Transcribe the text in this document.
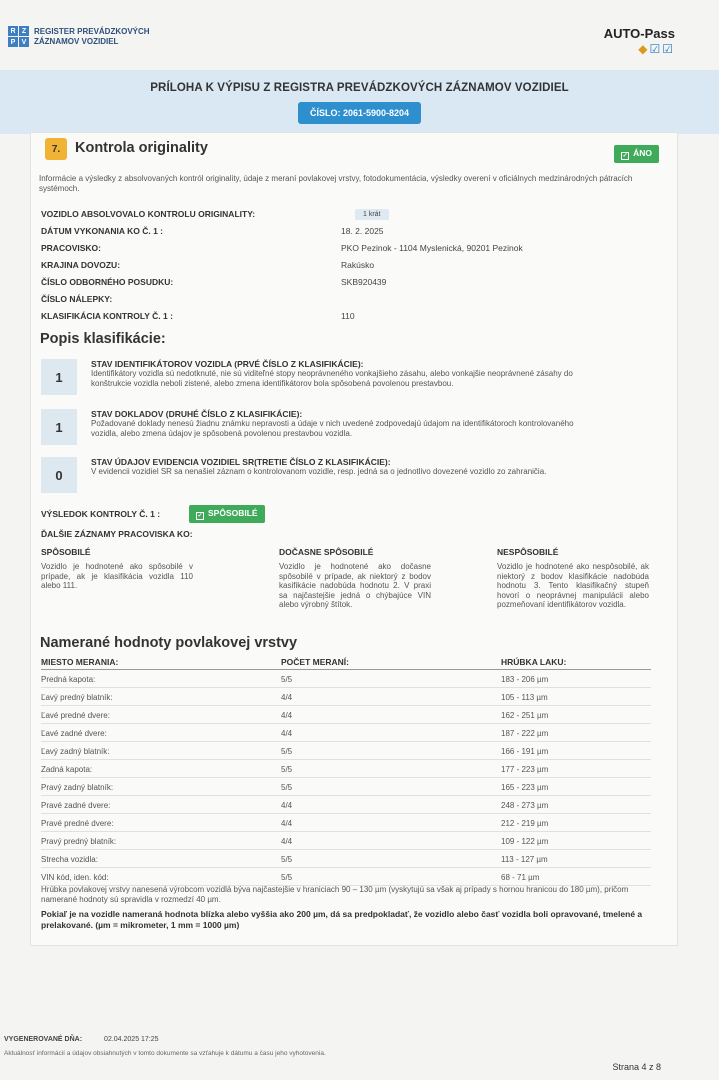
R Z
P V
REGISTER PREVÁDZKOVÝCH
ZÁZNAMOV VOZIDIEL	AUTO-Pass
◆☑☑
PRÍLOHA K VÝPISU Z REGISTRA PREVÁDZKOVÝCH ZÁZNAMOV VOZIDIEL
ČÍSLO: 2061-5900-8204
7.	Kontrola originality	✓ ÁNO
Informácie a výsledky z absolvovaných kontról originality, údaje z meraní povlakovej vrstvy, fotodokumentácia, výsledky overení v oficiálnych medzinárodných pátracích systémoch.
VOZIDLO ABSOLVOVALO KONTROLU ORIGINALITY:	1 krát
DÁTUM VYKONANIA KO Č. 1 :	18. 2. 2025
PRACOVISKO:	PKO Pezinok - 1104 Myslenická, 90201 Pezinok
KRAJINA DOVOZU:	Rakúsko
ČÍSLO ODBORNÉHO POSUDKU:	SKB920439
ČÍSLO NÁLEPKY:
KLASIFIKÁCIA KONTROLY Č. 1 :	110
Popis klasifikácie:
1
STAV IDENTIFIKÁTOROV VOZIDLA (PRVÉ ČÍSLO Z KLASIFIKÁCIE):
Identifikátory vozidla sú nedotknuté, nie sú viditeľné stopy neoprávneného vonkajšieho zásahu, alebo vonkajšie neoprávnené zásahy do konštrukcie vozidla neboli zistené, alebo zmena identifikátorov bola spôsobená povolenou prestavbou.
1
STAV DOKLADOV (DRUHÉ ČÍSLO Z KLASIFIKÁCIE):
Požadované doklady nenesú žiadnu známku nepravosti a údaje v nich uvedené zodpovedajú údajom na identifikátoroch kontrolovaného vozidla, alebo zmena údajov je spôsobená povolenou prestavbou vozidla.
0
STAV ÚDAJOV EVIDENCIA VOZIDIEL SR(TRETIE ČÍSLO Z KLASIFIKÁCIE):
V evidencii vozidiel SR sa nenašiel záznam o kontrolovanom vozidle, resp. jedná sa o jednotlivo dovezené vozidlo zo zahraničia.
VÝSLEDOK KONTROLY Č. 1 :	✓ SPÔSOBILÉ
ĎALŠIE ZÁZNAMY PRACOVISKA KO:
SPÔSOBILÉ
Vozidlo je hodnotené ako spôsobilé v prípade, ak je klasifikácia vozidla 110 alebo 111.
DOČASNE SPÔSOBILÉ
Vozidlo je hodnotené ako dočasne spôsobilé v prípade, ak niektorý z bodov kasifikácie nadobúda hodnotu 2. V praxi sa najčastejšie jedná o chýbajúce VIN alebo výrobný štítok.
NESPÔSOBILÉ
Vozidlo je hodnotené ako nespôsobilé, ak niektorý z bodov klasifikácie nadobúda hodnotu 3. Tento klasifikačný stupeň hovorí o neoprávnej manipulácii alebo pozmeňovaní identifikátorov vozidla.
Namerané hodnoty povlakovej vrstvy
MIESTO MERANIA:	POČET MERANÍ:	HRÚBKA LAKU:
Predná kapota:	5/5	183 - 206 µm
Ľavý predný blatník:	4/4	105 - 113 µm
Ľavé predné dvere:	4/4	162 - 251 µm
Ľavé zadné dvere:	4/4	187 - 222 µm
Ľavý zadný blatník:	5/5	166 - 191 µm
Zadná kapota:	5/5	177 - 223 µm
Pravý zadný blatník:	5/5	165 - 223 µm
Pravé zadné dvere:	4/4	248 - 273 µm
Pravé predné dvere:	4/4	212 - 219 µm
Pravý predný blatník:	4/4	109 - 122 µm
Strecha vozidla:	5/5	113 - 127 µm
VIN kód, iden. kód:	5/5	68 - 71 µm
Hrúbka povlakovej vrstvy nanesená výrobcom vozidlá býva najčastejšie v hraniciach 90 – 130 µm (vyskytujú sa však aj prípady s hornou hranicou do 180 µm), pričom namerané hodnoty sú spravidla v rozmedzí 40 µm.
Pokiaľ je na vozidle nameraná hodnota blízka alebo vyššia ako 200 µm, dá sa predpokladať, že vozidlo alebo časť vozidla boli opravované, tmelené a prelakované. (µm = mikrometer, 1 mm = 1000 µm)
VYGENEROVANÉ DŇA:	02.04.2025 17:25
Aktuálnosť informácií a údajov obsiahnutých v tomto dokumente sa vzťahuje k dátumu a času jeho vyhotovenia.
Strana 4 z 8
